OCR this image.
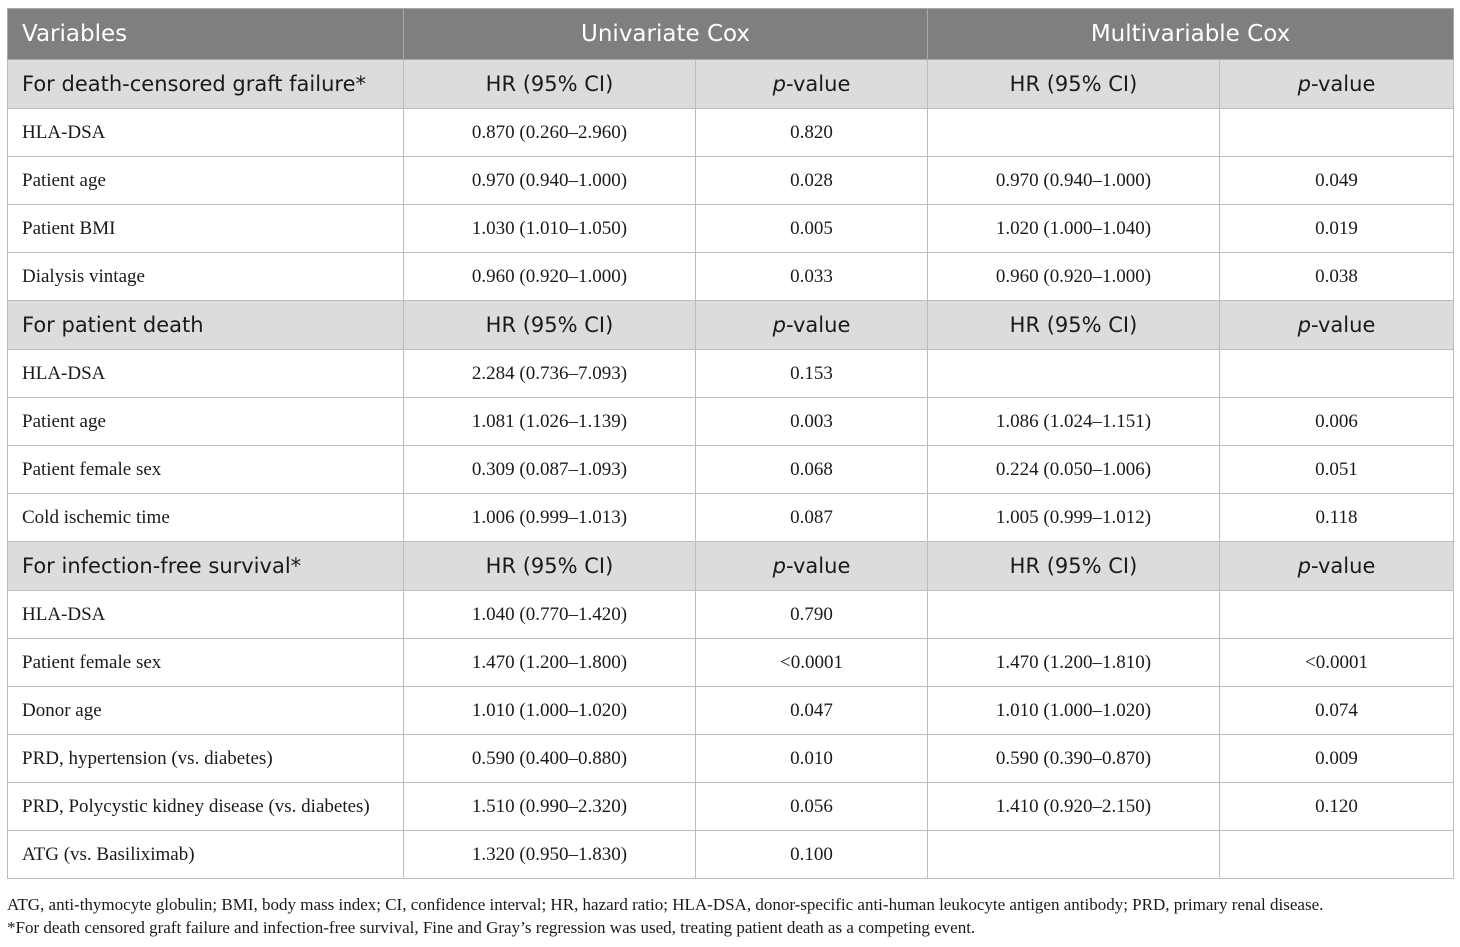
Variables	Univariate Cox		Multivariable Cox	
For death-censored graft failure*	HR (95% CI)	p-value	HR (95% CI)	p-value
HLA-DSA	0.870 (0.260–2.960)	0.820		
Patient age	0.970 (0.940–1.000)	0.028	0.970 (0.940–1.000)	0.049
Patient BMI	1.030 (1.010–1.050)	0.005	1.020 (1.000–1.040)	0.019
Dialysis vintage	0.960 (0.920–1.000)	0.033	0.960 (0.920–1.000)	0.038
For patient death	HR (95% CI)	p-value	HR (95% CI)	p-value
HLA-DSA	2.284 (0.736–7.093)	0.153		
Patient age	1.081 (1.026–1.139)	0.003	1.086 (1.024–1.151)	0.006
Patient female sex	0.309 (0.087–1.093)	0.068	0.224 (0.050–1.006)	0.051
Cold ischemic time	1.006 (0.999–1.013)	0.087	1.005 (0.999–1.012)	0.118
For infection-free survival*	HR (95% CI)	p-value	HR (95% CI)	p-value
HLA-DSA	1.040 (0.770–1.420)	0.790		
Patient female sex	1.470 (1.200–1.800)	<0.0001	1.470 (1.200–1.810)	<0.0001
Donor age	1.010 (1.000–1.020)	0.047	1.010 (1.000–1.020)	0.074
PRD, hypertension (vs. diabetes)	0.590 (0.400–0.880)	0.010	0.590 (0.390–0.870)	0.009
PRD, Polycystic kidney disease (vs. diabetes)	1.510 (0.990–2.320)	0.056	1.410 (0.920–2.150)	0.120
ATG (vs. Basiliximab)	1.320 (0.950–1.830)	0.100		
ATG, anti-thymocyte globulin; BMI, body mass index; CI, confidence interval; HR, hazard ratio; HLA-DSA, donor-specific anti-human leukocyte antigen antibody; PRD, primary renal disease.
*For death censored graft failure and infection-free survival, Fine and Gray’s regression was used, treating patient death as a competing event.
